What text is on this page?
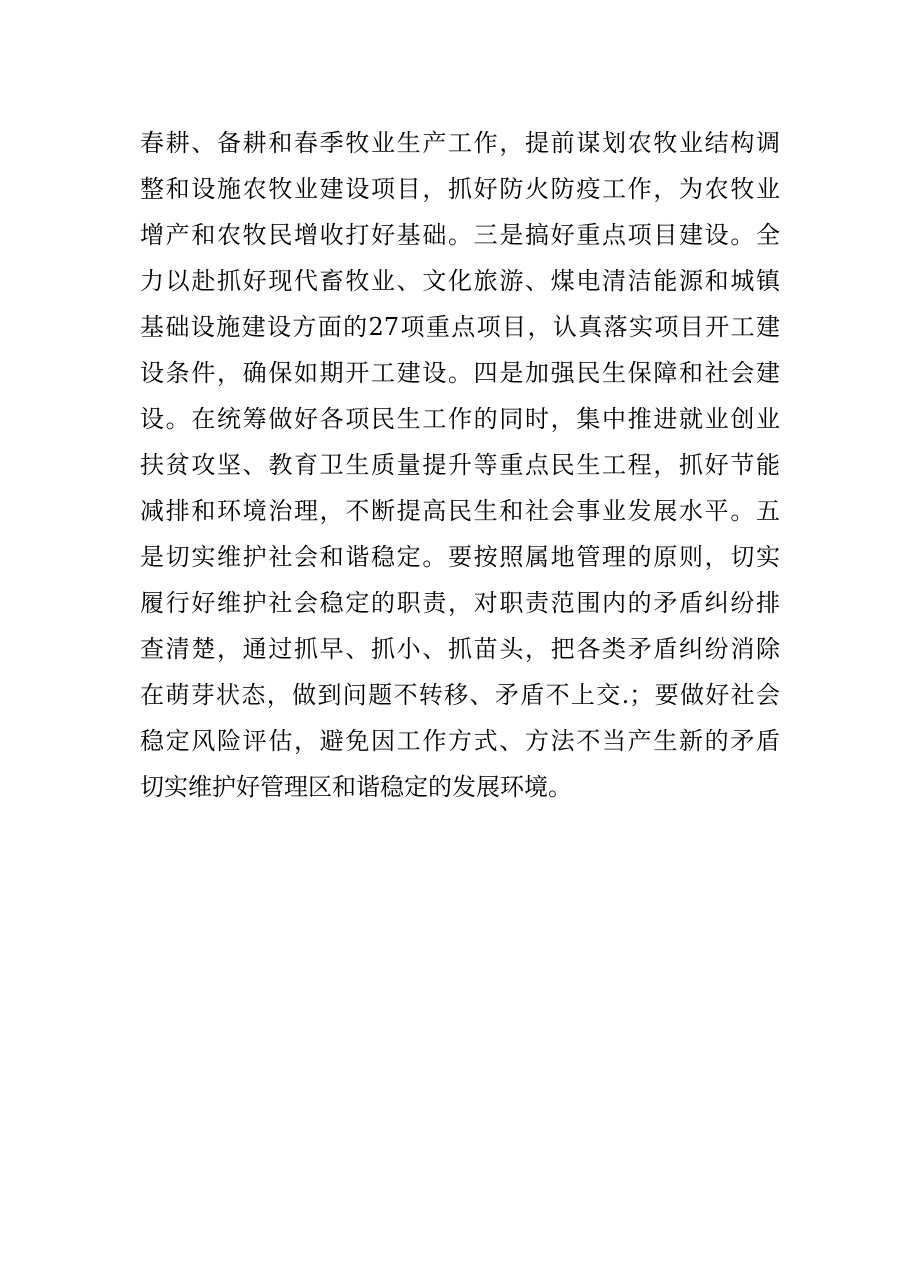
春耕、备耕和春季牧业生产工作，提前谋划农牧业结构调
整和设施农牧业建设项目，抓好防火防疫工作，为农牧业
增产和农牧民增收打好基础。三是搞好重点项目建设。全
力以赴抓好现代畜牧业、文化旅游、煤电清洁能源和城镇
基础设施建设方面的27项重点项目，认真落实项目开工建
设条件，确保如期开工建设。四是加强民生保障和社会建
设。在统筹做好各项民生工作的同时，集中推进就业创业
扶贫攻坚、教育卫生质量提升等重点民生工程，抓好节能
减排和环境治理，不断提高民生和社会事业发展水平。五
是切实维护社会和谐稳定。要按照属地管理的原则，切实
履行好维护社会稳定的职责，对职责范围内的矛盾纠纷排
查清楚，通过抓早、抓小、抓苗头，把各类矛盾纠纷消除
在萌芽状态，做到问题不转移、矛盾不上交.；要做好社会
稳定风险评估，避免因工作方式、方法不当产生新的矛盾
切实维护好管理区和谐稳定的发展环境。
